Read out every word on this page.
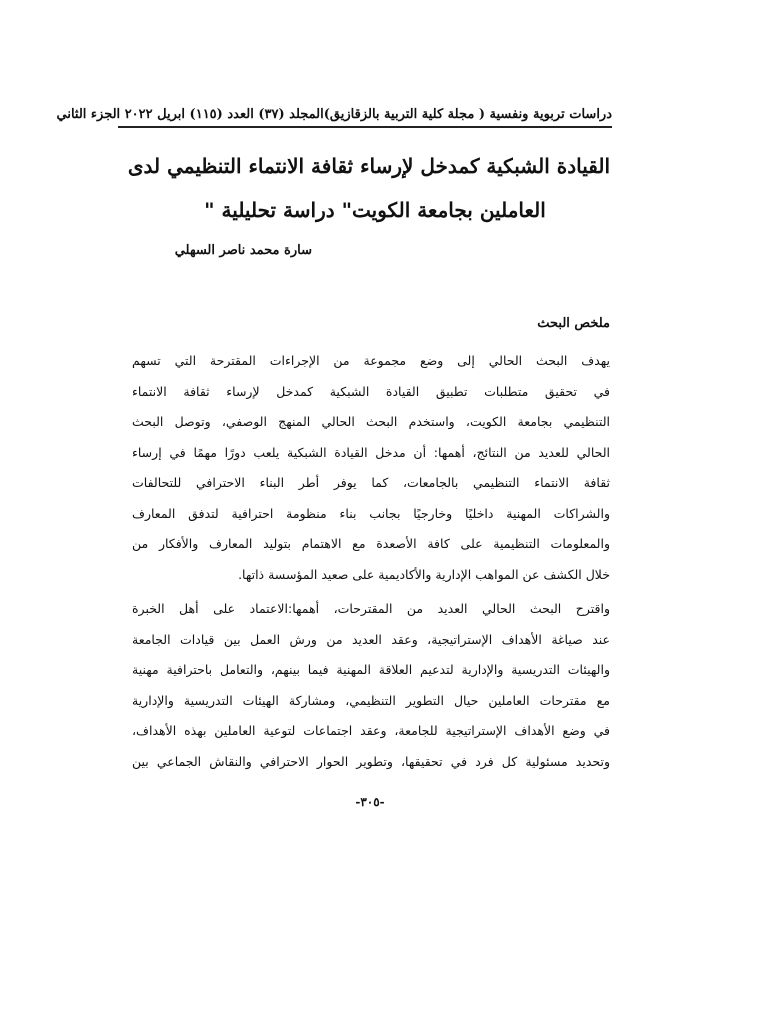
دراسات تربوية ونفسية ( مجلة كلية التربية بالزقازيق)
المجلد (٣٧) العدد (١١٥) ابريل ٢٠٢٢ الجزء الثاني
القيادة الشبكية كمدخل لإرساء ثقافة الانتماء التنظيمي لدى
العاملين بجامعة الكويت" دراسة تحليلية "
سارة محمد ناصر السهلي
ملخص البحث
يهدف البحث الحالي إلى وضع مجموعة من الإجراءات المقترحة التي تسهم
في تحقيق متطلبات تطبيق القيادة الشبكية كمدخل لإرساء ثقافة الانتماء
التنظيمي بجامعة الكويت، واستخدم البحث الحالي المنهج الوصفي، وتوصل البحث
الحالي للعديد من النتائج، أهمها: أن مدخل القيادة الشبكية يلعب دورًا مهمًا في إرساء
ثقافة الانتماء التنظيمي بالجامعات، كما يوفر أطر البناء الاحترافي للتحالفات
والشراكات المهنية داخليًا وخارجيًا بجانب بناء منظومة احترافية لتدفق المعارف
والمعلومات التنظيمية على كافة الأصعدة مع الاهتمام بتوليد المعارف والأفكار من
خلال الكشف عن المواهب الإدارية والأكاديمية على صعيد المؤسسة ذاتها.
واقترح البحث الحالي العديد من المقترحات، أهمها:الاعتماد على أهل الخبرة
عند صياغة الأهداف الإستراتيجية، وعقد العديد من ورش العمل بين قيادات الجامعة
والهيئات التدريسية والإدارية لتدعيم العلاقة المهنية فيما بينهم، والتعامل باحترافية مهنية
مع مقترحات العاملين حيال التطوير التنظيمي، ومشاركة الهيئات التدريسية والإدارية
في وضع الأهداف الإستراتيجية للجامعة، وعقد اجتماعات لتوعية العاملين بهذه الأهداف،
وتحديد مسئولية كل فرد في تحقيقها، وتطوير الحوار الاحترافي والنقاش الجماعي بين
-٣٠٥-
